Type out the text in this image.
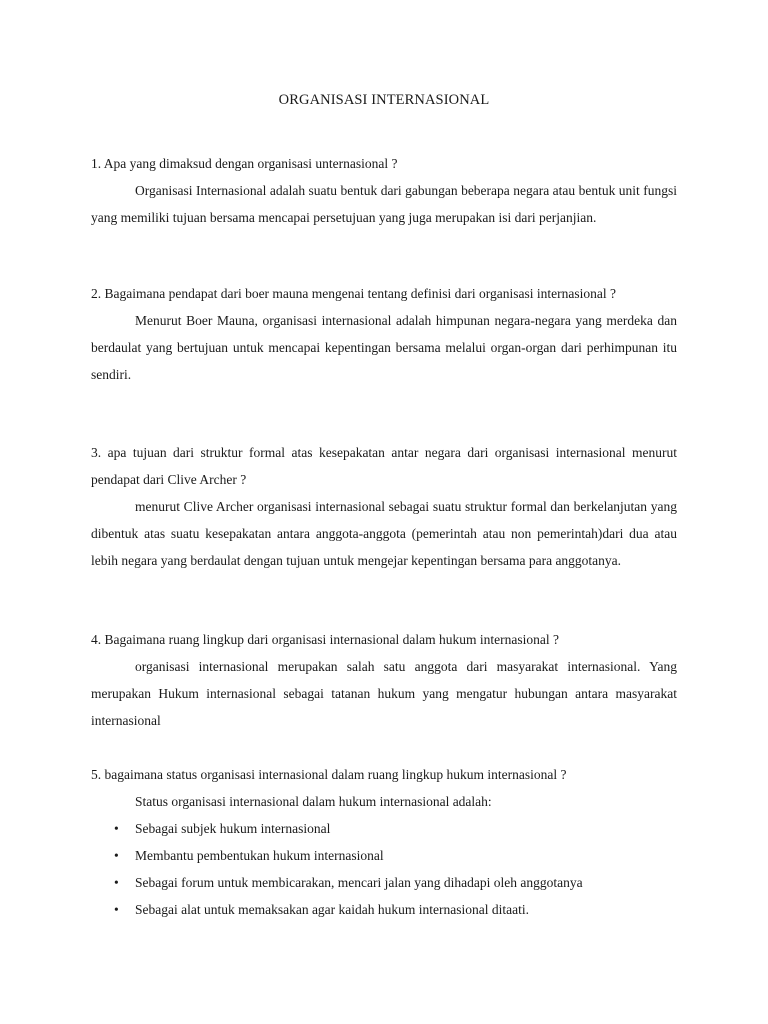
ORGANISASI INTERNASIONAL

1. Apa yang dimaksud dengan organisasi unternasional ?

Organisasi Internasional adalah suatu bentuk dari gabungan beberapa negara atau bentuk unit fungsi yang memiliki tujuan bersama mencapai persetujuan yang juga merupakan isi dari perjanjian.

2. Bagaimana pendapat dari boer mauna mengenai tentang definisi dari organisasi internasional ?

Menurut Boer Mauna, organisasi internasional adalah himpunan negara-negara yang merdeka dan berdaulat yang bertujuan untuk mencapai kepentingan bersama melalui organ-organ dari perhimpunan itu sendiri.

3. apa tujuan dari struktur formal atas kesepakatan antar negara dari organisasi internasional menurut pendapat dari Clive Archer ?

menurut Clive Archer organisasi internasional sebagai suatu struktur formal dan berkelanjutan yang dibentuk atas suatu kesepakatan antara anggota-anggota (pemerintah atau non pemerintah)dari dua atau lebih negara yang berdaulat dengan tujuan untuk mengejar kepentingan bersama para anggotanya.

4. Bagaimana ruang lingkup dari organisasi internasional dalam hukum internasional ?

organisasi internasional merupakan salah satu anggota dari masyarakat internasional. Yang merupakan Hukum internasional sebagai tatanan hukum yang mengatur hubungan antara masyarakat internasional

5. bagaimana status organisasi internasional dalam ruang lingkup hukum internasional ?

Status organisasi internasional dalam hukum internasional adalah:

• Sebagai subjek hukum internasional
• Membantu pembentukan hukum internasional
• Sebagai forum untuk membicarakan, mencari jalan yang dihadapi oleh anggotanya
• Sebagai alat untuk memaksakan agar kaidah hukum internasional ditaati.
